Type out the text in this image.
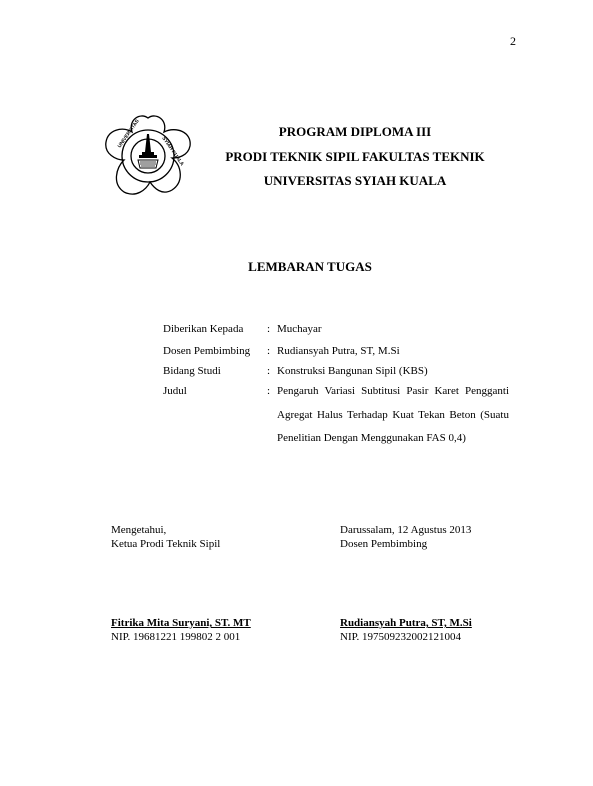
2
UNIVERSITAS
SYIAH KUALA
PROGRAM DIPLOMA III
PRODI TEKNIK SIPIL FAKULTAS TEKNIK
UNIVERSITAS SYIAH KUALA
LEMBARAN TUGAS
Diberikan Kepada	: Muchayar
Dosen Pembimbing	: Rudiansyah Putra, ST, M.Si
Bidang Studi	: Konstruksi Bangunan Sipil (KBS)
Judul	: Pengaruh Variasi Subtitusi Pasir Karet Pengganti Agregat Halus Terhadap Kuat Tekan Beton (Suatu Penelitian Dengan Menggunakan FAS 0,4)
Mengetahui,
Ketua Prodi Teknik Sipil
Fitrika Mita Suryani, ST. MT
NIP. 19681221 199802 2 001
Darussalam, 12 Agustus 2013
Dosen Pembimbing
Rudiansyah Putra, ST, M.Si
NIP. 197509232002121004
